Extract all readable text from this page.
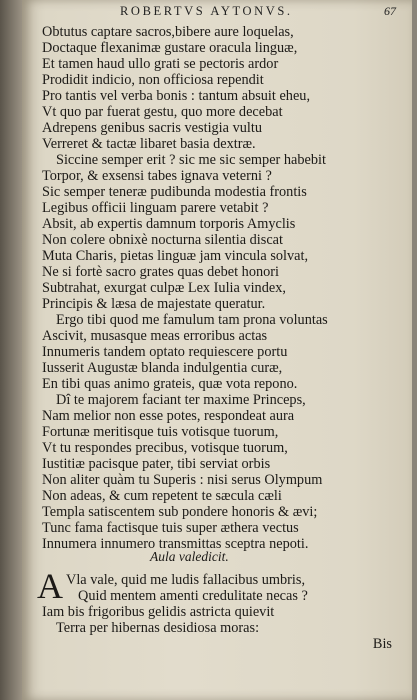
ROBERTVS AYTONVS.	67
Obtutus captare sacros,bibere aure loquelas,
Doctaque flexanimæ gustare oracula linguæ,
Et tamen haud ullo grati se pectoris ardor
Prodidit indicio, non officiosa rependit
Pro tantis vel verba bonis : tantum absuit eheu,
Vt quo par fuerat gestu, quo more decebat
Adrepens genibus sacris vestigia vultu
Verreret & tactæ libaret basia dextræ.
Siccine semper erit ? sic me sic semper habebit
Torpor, & exsensi tabes ignava veterni ?
Sic semper teneræ pudibunda modestia frontis
Legibus officii linguam parere vetabit ?
Absit, ab expertis damnum torporis Amyclis
Non colere obnixè nocturna silentia discat
Muta Charis, pietas linguæ jam vincula solvat,
Ne si fortè sacro grates quas debet honori
Subtrahat, exurgat culpæ Lex Iulia vindex,
Principis & læsa de majestate queratur.
Ergo tibi quod me famulum tam prona voluntas
Ascivit, musasque meas erroribus actas
Innumeris tandem optato requiescere portu
Iusserit Augustæ blanda indulgentia curæ,
En tibi quas animo grateis, quæ vota repono.
Dî te majorem faciant ter maxime Princeps,
Nam melior non esse potes, respondeat aura
Fortunæ meritisque tuis votisque tuorum,
Vt tu respondes precibus, votisque tuorum,
Iustitiæ pacisque pater, tibi serviat orbis
Non aliter quàm tu Superis : nisi serus Olympum
Non adeas, & cum repetent te sæcula cæli
Templa satiscentem sub pondere honoris & ævi;
Tunc fama factisque tuis super æthera vectus
Innumera innumero transmittas sceptra nepoti.
Aula valedicit.
A Vla vale, quid me ludis fallacibus umbris,
Quid mentem amenti credulitate necas ?
Iam bis frigoribus gelidis astricta quievit
Terra per hibernas desidiosa moras:
Bis
